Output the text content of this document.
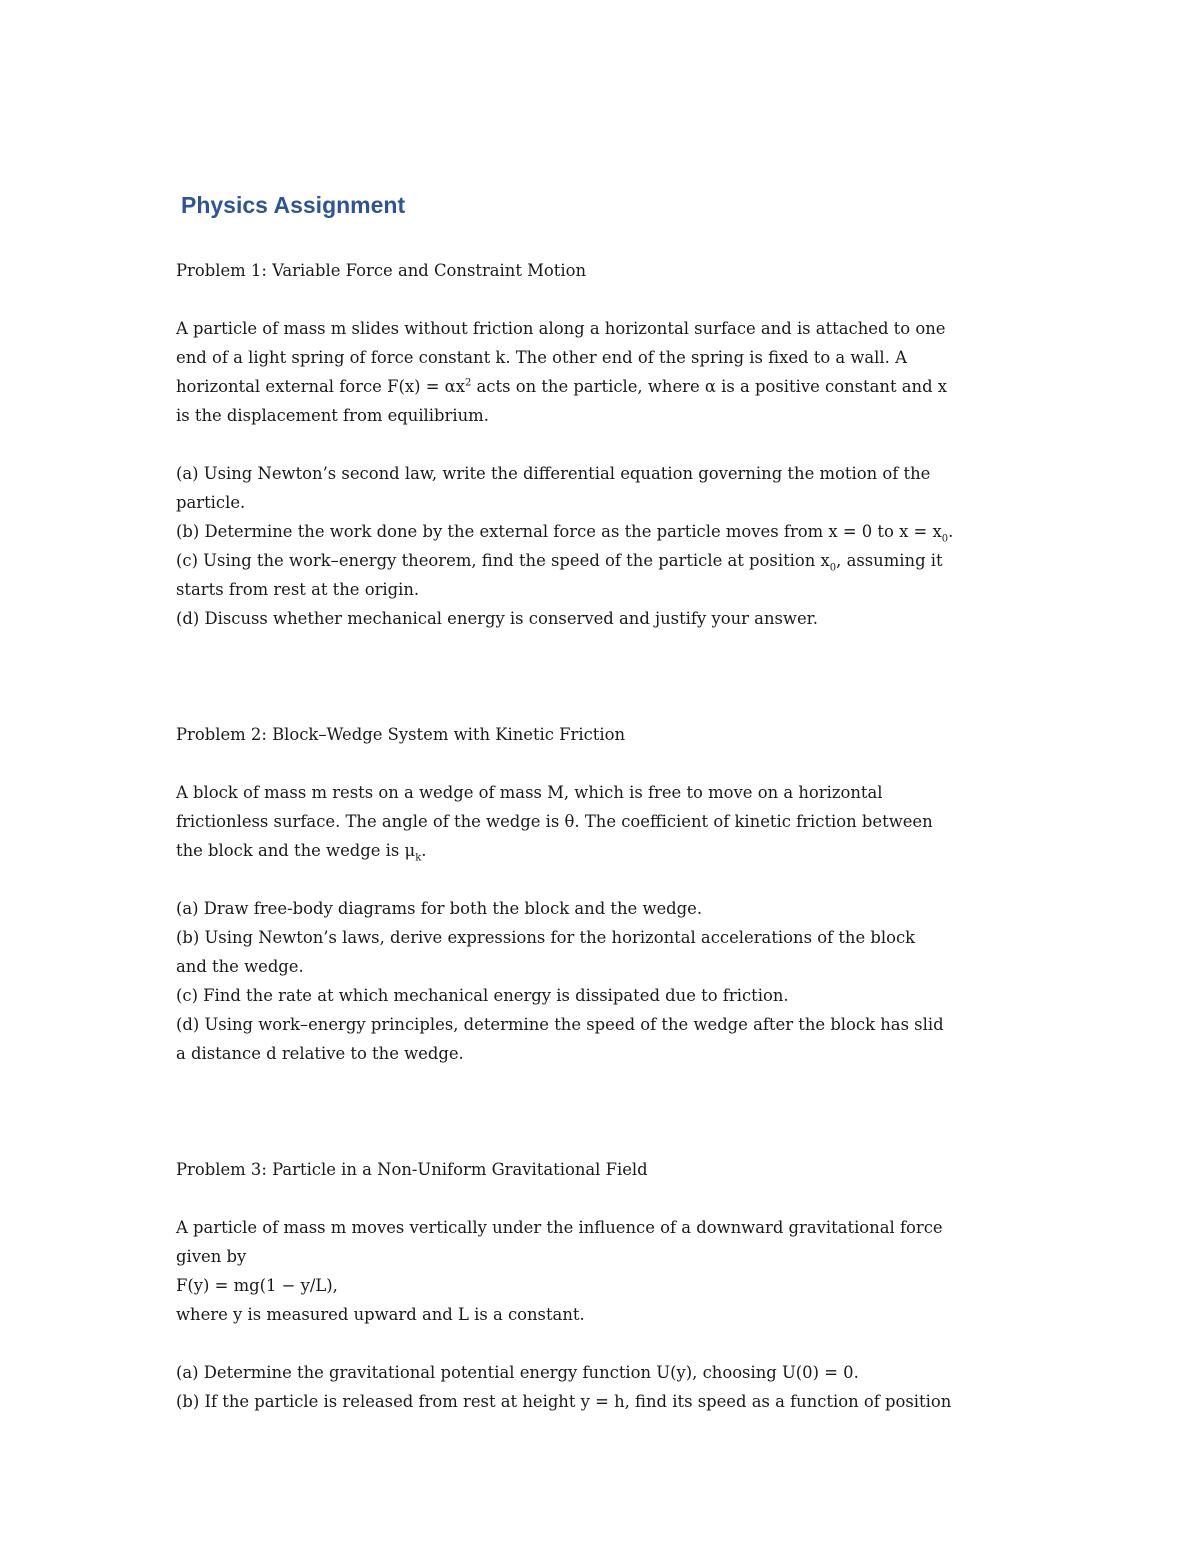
Physics Assignment

Problem 1: Variable Force and Constraint Motion

A particle of mass m slides without friction along a horizontal surface and is attached to one

end of a light spring of force constant k. The other end of the spring is fixed to a wall. A

horizontal external force $F(x) = \alpha x^2$ acts on the particle, where α is a positive constant and x

is the displacement from equilibrium.

(a) Using Newton’s second law, write the differential equation governing the motion of the

particle.

(b) Determine the work done by the external force as the particle moves from x = 0 to $x = x_0$.

(c) Using the work–energy theorem, find the speed of the particle at position $x_0$, assuming it

starts from rest at the origin.

(d) Discuss whether mechanical energy is conserved and justify your answer.

Problem 2: Block–Wedge System with Kinetic Friction

A block of mass m rests on a wedge of mass M, which is free to move on a horizontal

frictionless surface. The angle of the wedge is θ. The coefficient of kinetic friction between

the block and the wedge is $\mu_k$.

(a) Draw free-body diagrams for both the block and the wedge.

(b) Using Newton’s laws, derive expressions for the horizontal accelerations of the block

and the wedge.

(c) Find the rate at which mechanical energy is dissipated due to friction.

(d) Using work–energy principles, determine the speed of the wedge after the block has slid

a distance d relative to the wedge.

Problem 3: Particle in a Non-Uniform Gravitational Field

A particle of mass m moves vertically under the influence of a downward gravitational force

given by

F(y) = mg(1 − y/L),

where y is measured upward and L is a constant.

(a) Determine the gravitational potential energy function U(y), choosing U(0) = 0.

(b) If the particle is released from rest at height y = h, find its speed as a function of position
